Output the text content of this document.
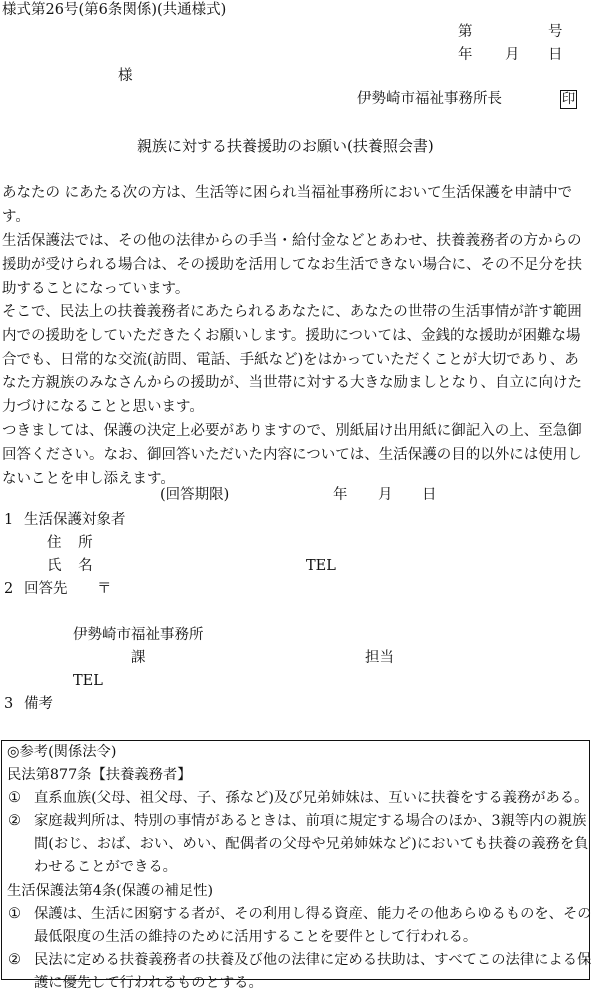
様式第26号(第6条関係)(共通様式)
第	号
年 月 日
様
伊勢崎市福祉事務所長	印
親族に対する扶養援助のお願い(扶養照会書)
あなたの にあたる次の方は、生活等に困られ当福祉事務所において生活保護を申請中です。
生活保護法では、その他の法律からの手当・給付金などとあわせ、扶養義務者の方からの援助が受けられる場合は、その援助を活用してなお生活できない場合に、その不足分を扶助することになっています。
そこで、民法上の扶養義務者にあたられるあなたに、あなたの世帯の生活事情が許す範囲内での援助をしていただきたくお願いします。援助については、金銭的な援助が困難な場合でも、日常的な交流(訪問、電話、手紙など)をはかっていただくことが大切であり、あなた方親族のみなさんからの援助が、当世帯に対する大きな励ましとなり、自立に向けた力づけになることと思います。
つきましては、保護の決定上必要がありますので、別紙届け出用紙に御記入の上、至急御回答ください。なお、御回答いただいた内容については、生活保護の目的以外には使用しないことを申し添えます。
(回答期限)	年 月 日
1 生活保護対象者
住 所
氏 名	TEL
2 回答先 〒
伊勢崎市福祉事務所
課	担当
TEL
3 備考
◎参考(関係法令)
民法第877条【扶養義務者】
① 直系血族(父母、祖父母、子、孫など)及び兄弟姉妹は、互いに扶養をする義務がある。
② 家庭裁判所は、特別の事情があるときは、前項に規定する場合のほか、3親等内の親族間(おじ、おば、おい、めい、配偶者の父母や兄弟姉妹など)においても扶養の義務を負わせることができる。
生活保護法第4条(保護の補足性)
① 保護は、生活に困窮する者が、その利用し得る資産、能力その他あらゆるものを、その最低限度の生活の維持のために活用することを要件として行われる。
② 民法に定める扶養義務者の扶養及び他の法律に定める扶助は、すべてこの法律による保護に優先して行われるものとする。
